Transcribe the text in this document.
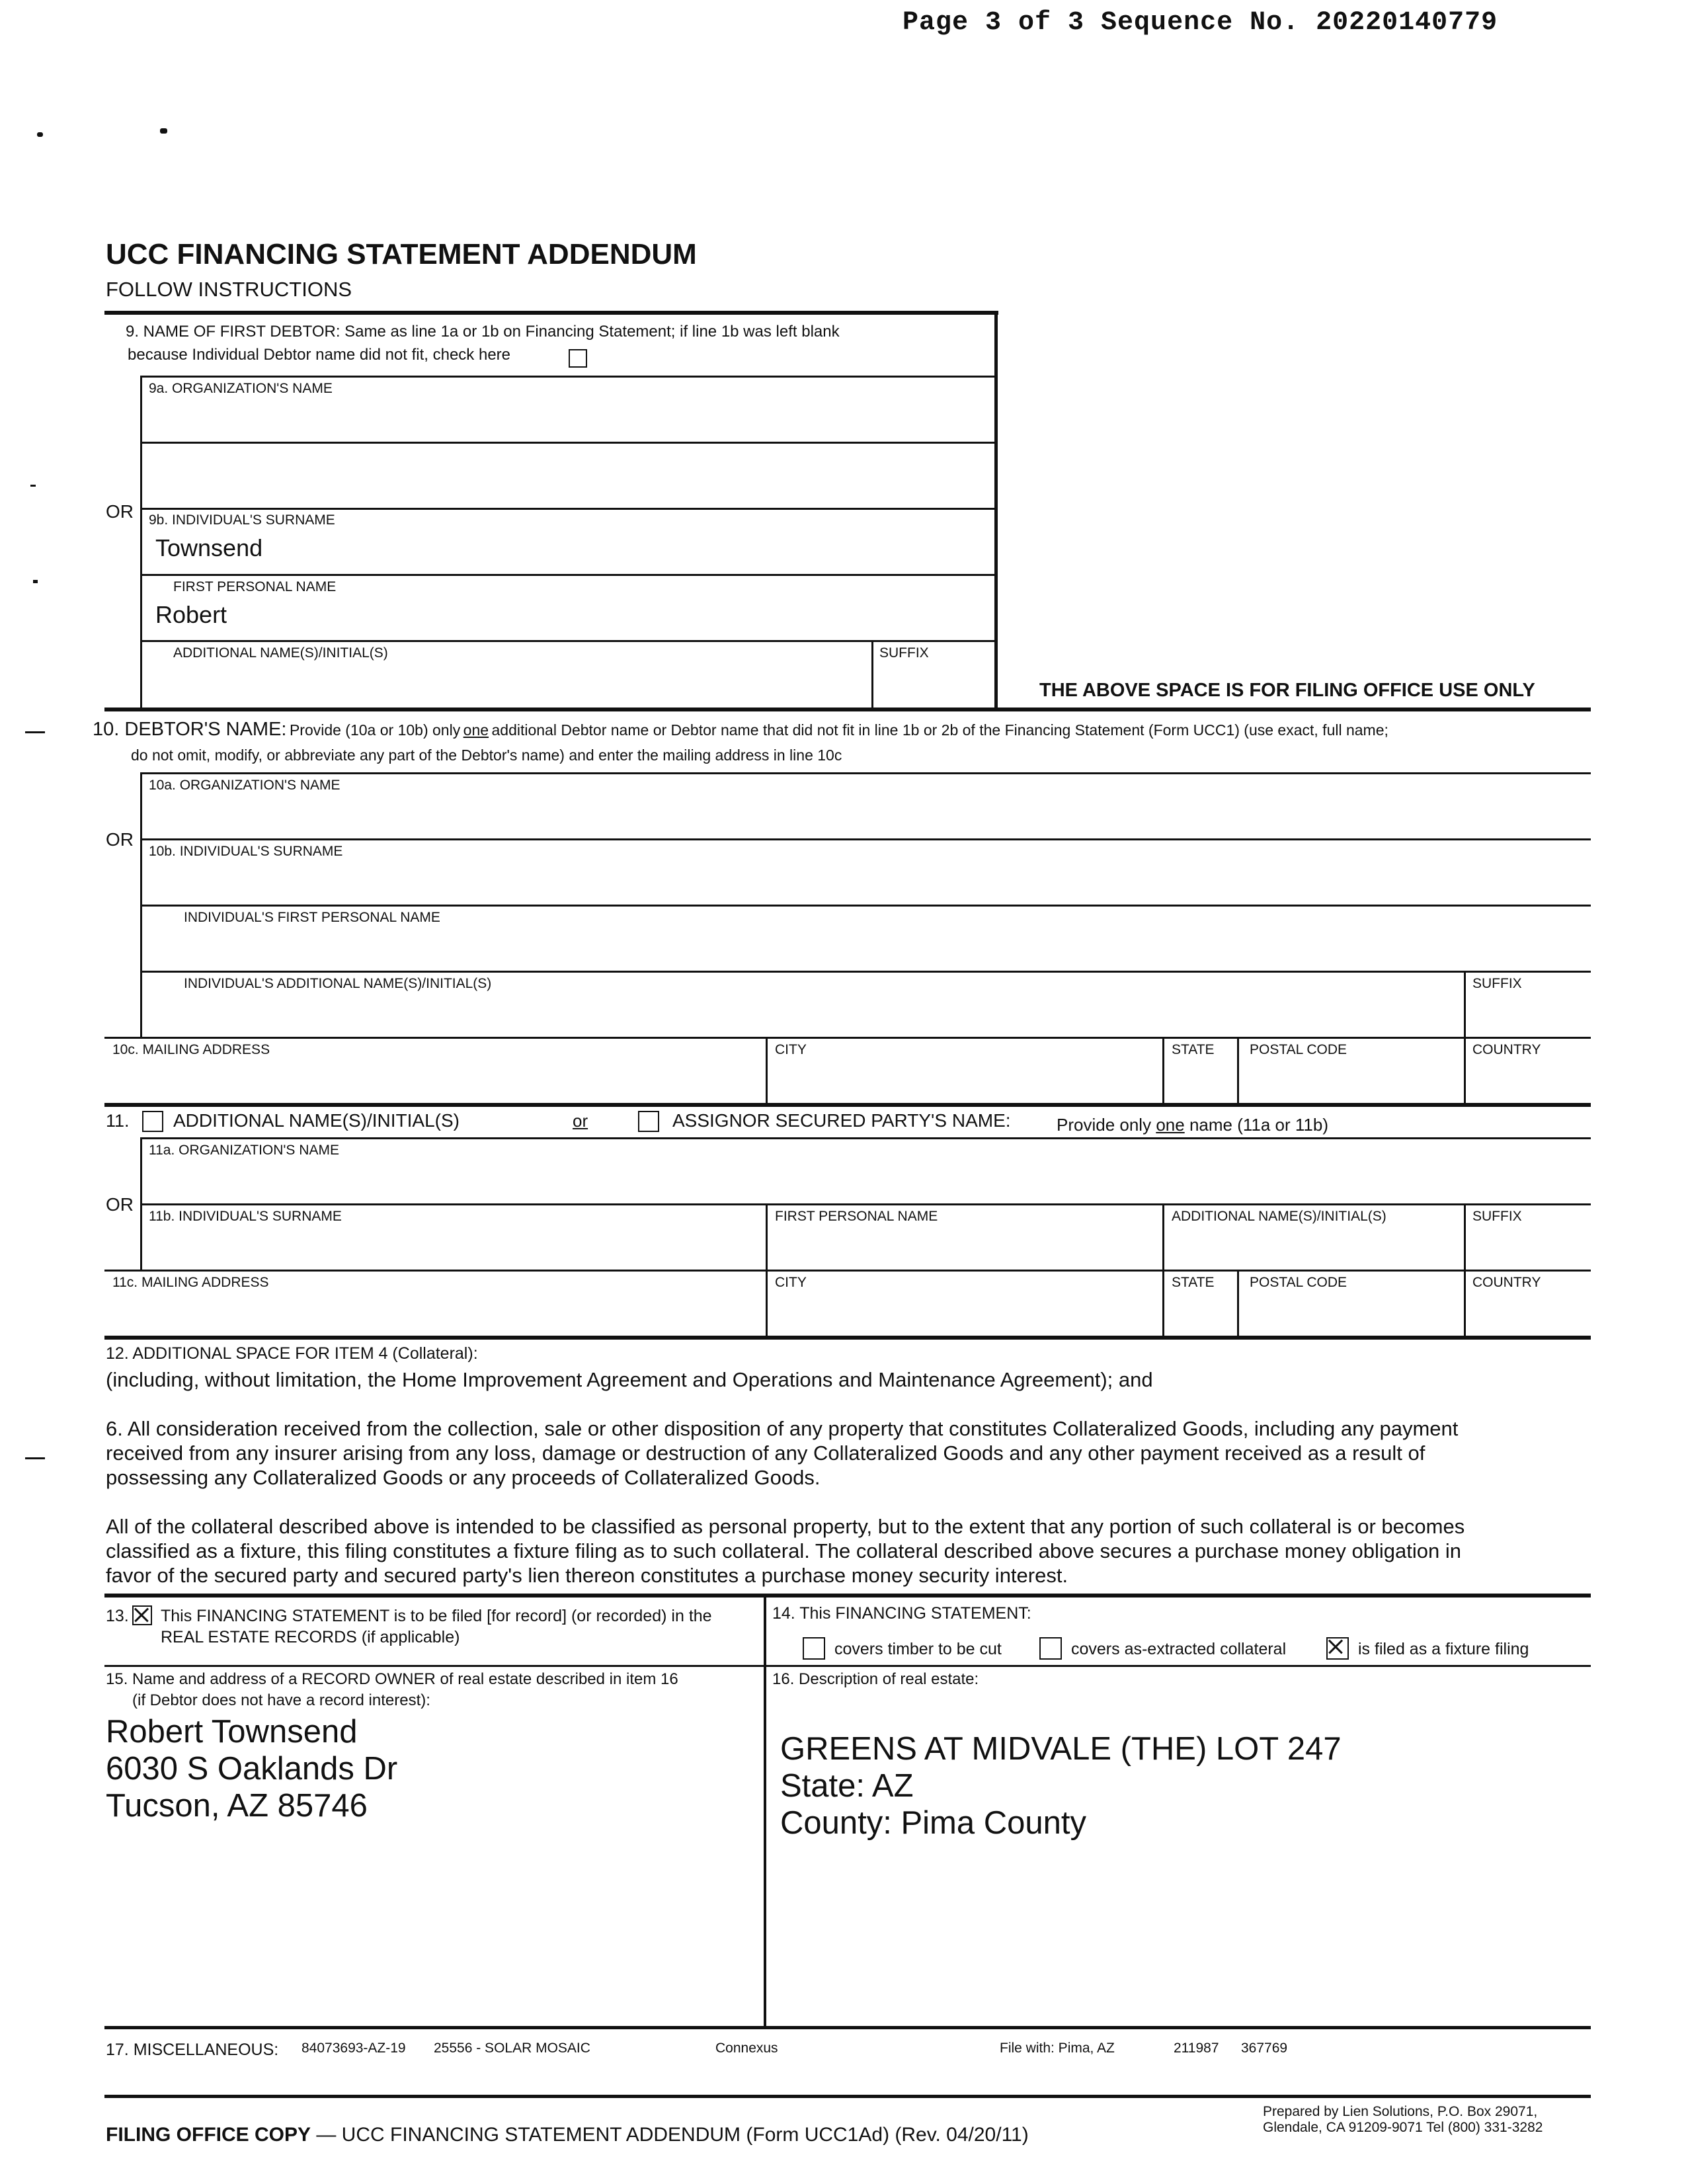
Page 3 of 3 Sequence No. 20220140779
UCC FINANCING STATEMENT ADDENDUM
FOLLOW INSTRUCTIONS
9. NAME OF FIRST DEBTOR: Same as line 1a or 1b on Financing Statement; if line 1b was left blank
because Individual Debtor name did not fit, check here
9a. ORGANIZATION'S NAME
OR 9b. INDIVIDUAL'S SURNAME
Townsend
FIRST PERSONAL NAME
Robert
ADDITIONAL NAME(S)/INITIAL(S)	SUFFIX
THE ABOVE SPACE IS FOR FILING OFFICE USE ONLY
10. DEBTOR'S NAME: Provide (10a or 10b) only one additional Debtor name or Debtor name that did not fit in line 1b or 2b of the Financing Statement (Form UCC1) (use exact, full name;
do not omit, modify, or abbreviate any part of the Debtor's name) and enter the mailing address in line 10c
10a. ORGANIZATION'S NAME
OR
10b. INDIVIDUAL'S SURNAME
INDIVIDUAL'S FIRST PERSONAL NAME
INDIVIDUAL'S ADDITIONAL NAME(S)/INITIAL(S)	SUFFIX
10c. MAILING ADDRESS	CITY	STATE	POSTAL CODE	COUNTRY
11. ADDITIONAL NAME(S)/INITIAL(S)	or	ASSIGNOR SECURED PARTY'S NAME:	Provide only one name (11a or 11b)
11a. ORGANIZATION'S NAME
OR
11b. INDIVIDUAL'S SURNAME	FIRST PERSONAL NAME	ADDITIONAL NAME(S)/INITIAL(S)	SUFFIX
11c. MAILING ADDRESS	CITY	STATE	POSTAL CODE	COUNTRY
12. ADDITIONAL SPACE FOR ITEM 4 (Collateral):
(including, without limitation, the Home Improvement Agreement and Operations and Maintenance Agreement); and
6. All consideration received from the collection, sale or other disposition of any property that constitutes Collateralized Goods, including any payment
received from any insurer arising from any loss, damage or destruction of any Collateralized Goods and any other payment received as a result of
possessing any Collateralized Goods or any proceeds of Collateralized Goods.
All of the collateral described above is intended to be classified as personal property, but to the extent that any portion of such collateral is or becomes
classified as a fixture, this filing constitutes a fixture filing as to such collateral. The collateral described above secures a purchase money obligation in
favor of the secured party and secured party's lien thereon constitutes a purchase money security interest.
13. This FINANCING STATEMENT is to be filed [for record] (or recorded) in the
REAL ESTATE RECORDS (if applicable)
14. This FINANCING STATEMENT:
covers timber to be cut	covers as-extracted collateral	is filed as a fixture filing
15. Name and address of a RECORD OWNER of real estate described in item 16
(if Debtor does not have a record interest):
Robert Townsend
6030 S Oaklands Dr
Tucson, AZ 85746
16. Description of real estate:
GREENS AT MIDVALE (THE) LOT 247
State: AZ
County: Pima County
17. MISCELLANEOUS: 84073693-AZ-19 25556 - SOLAR MOSAIC	Connexus	File with: Pima, AZ	211987 367769
FILING OFFICE COPY — UCC FINANCING STATEMENT ADDENDUM (Form UCC1Ad) (Rev. 04/20/11)
Prepared by Lien Solutions, P.O. Box 29071,
Glendale, CA 91209-9071 Tel (800) 331-3282
